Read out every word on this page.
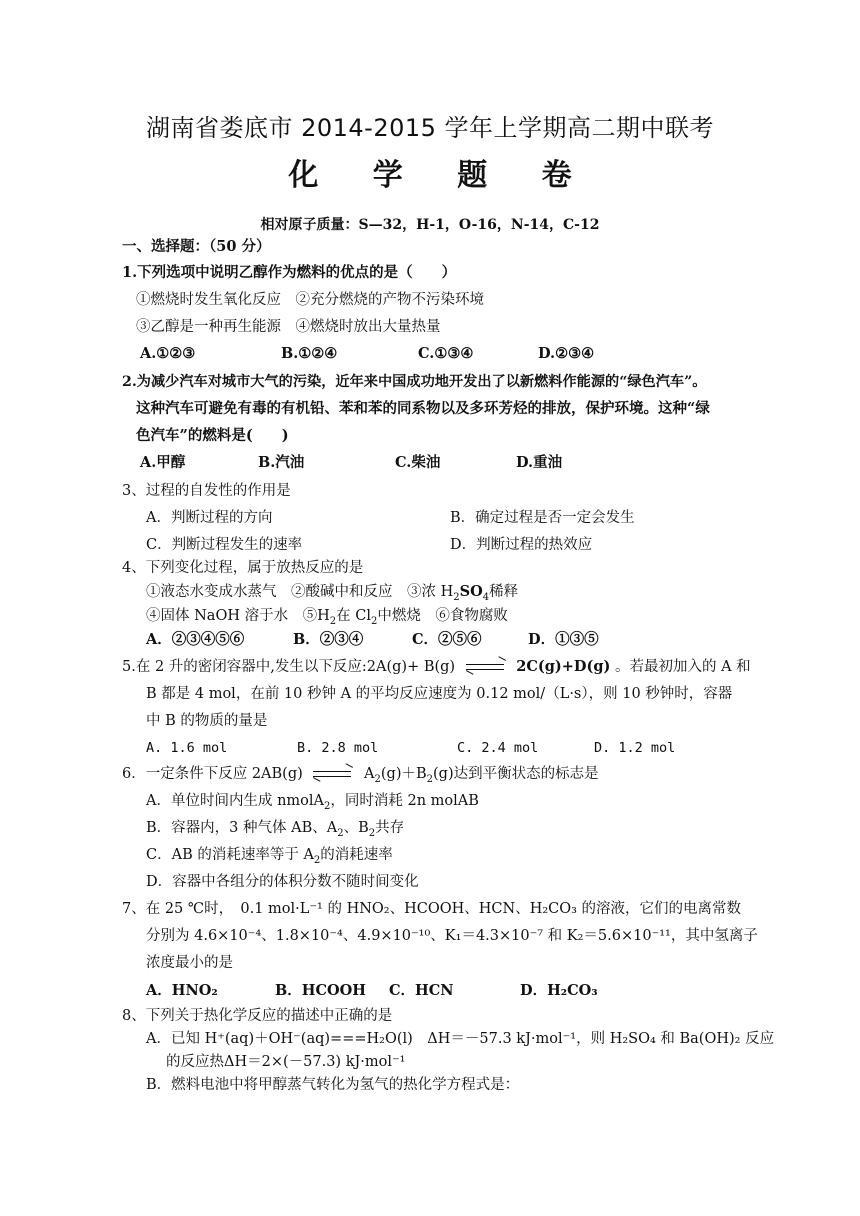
湖南省娄底市 2014-2015 学年上学期高二期中联考
化 学 题 卷
相对原子质量：S—32，H-1，O-16，N-14，C-12
一、选择题：（50 分）
1.下列选项中说明乙醇作为燃料的优点的是（　　）
①燃烧时发生氧化反应　②充分燃烧的产物不污染环境
③乙醇是一种再生能源　④燃烧时放出大量热量
A.①②③	B.①②④	C.①③④	D.②③④
2.为减少汽车对城市大气的污染，近年来中国成功地开发出了以新燃料作能源的“绿色汽车”。
这种汽车可避免有毒的有机铅、苯和苯的同系物以及多环芳烃的排放，保护环境。这种“绿
色汽车”的燃料是(　　)
A.甲醇	B.汽油	C.柴油	D.重油
3、过程的自发性的作用是
A．判断过程的方向	B．确定过程是否一定会发生
C．判断过程发生的速率	D．判断过程的热效应
4、下列变化过程，属于放热反应的是
①液态水变成水蒸气　②酸碱中和反应　③浓 $H_2SO_4$稀释
④固体 NaOH 溶于水　$⑤H_2$在 $Cl_2$中燃烧　⑥食物腐败
A．②③④⑤⑥	B．②③④	C．②⑤⑥	D．①③⑤
5.在 2 升的密闭容器中,发生以下反应:2A(g)+ B(g)	2C(g)+D(g) 。若最初加入的 A 和
B 都是 4 mol，在前 10 秒钟 A 的平均反应速度为 0.12 mol/（L·s），则 10 秒钟时，容器
中 B 的物质的量是
A. 1.6 mol	B. 2.8 mol	C. 2.4 mol	D. 1.2 mol
6．一定条件下反应 2AB(g)	$A_2(g)+B_2(g)$达到平衡状态的标志是
A．单位时间内生成 nmolA$_2$，同时消耗 2n molAB
B．容器内，3 种气体 AB、$A_2$、$B_2$共存
C．AB 的消耗速率等于 $A_2$的消耗速率
D．容器中各组分的体积分数不随时间变化
7、在 25 ℃时，　0.1 mol·L⁻¹ 的 HNO₂、HCOOH、HCN、H₂CO₃ 的溶液，它们的电离常数
分别为 4.6×10⁻⁴、1.8×10⁻⁴、4.9×10⁻¹⁰、K₁＝4.3×10⁻⁷ 和 K₂＝5.6×10⁻¹¹，其中氢离子
浓度最小的是
A．HNO₂	B．HCOOH C．HCN	D．H₂CO₃
8、下列关于热化学反应的描述中正确的是
A．已知 H⁺(aq)＋OH⁻(aq)===H₂O(l)　ΔH＝－57.3 kJ·mol⁻¹，则 H₂SO₄ 和 Ba(OH)₂ 反应
的反应热ΔH＝2×(－57.3) kJ·mol⁻¹
B．燃料电池中将甲醇蒸气转化为氢气的热化学方程式是：
